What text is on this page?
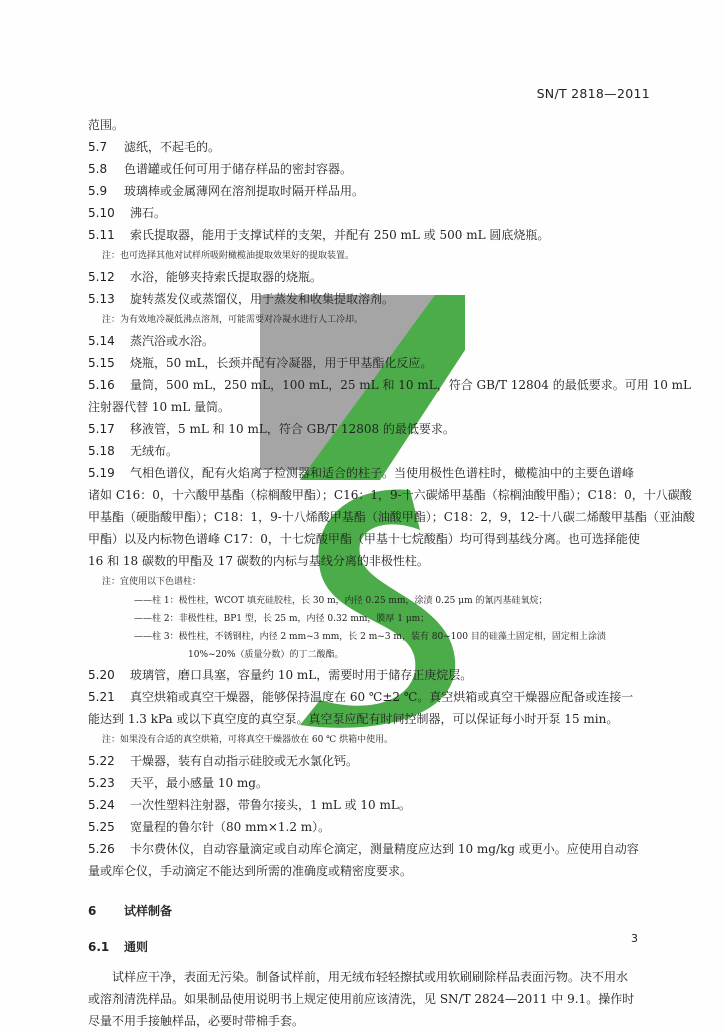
SN/T 2818—2011
范围。
5.7 滤纸，不起毛的。
5.8 色谱罐或任何可用于储存样品的密封容器。
5.9 玻璃棒或金属薄网在溶剂提取时隔开样品用。
5.10 沸石。
5.11 索氏提取器，能用于支撑试样的支架，并配有 250 mL 或 500 mL 圆底烧瓶。
注：也可选择其他对试样所吸附橄榄油提取效果好的提取装置。
5.12 水浴，能够夹持索氏提取器的烧瓶。
5.13 旋转蒸发仪或蒸馏仪，用于蒸发和收集提取溶剂。
注：为有效地冷凝低沸点溶剂，可能需要对冷凝水进行人工冷却。
5.14 蒸汽浴或水浴。
5.15 烧瓶，50 mL，长颈并配有冷凝器，用于甲基酯化反应。
5.16 量筒，500 mL，250 mL，100 mL，25 mL 和 10 mL，符合 GB/T 12804 的最低要求。可用 10 mL
注射器代替 10 mL 量筒。
5.17 移液管，5 mL 和 10 mL，符合 GB/T 12808 的最低要求。
5.18 无绒布。
5.19 气相色谱仪，配有火焰离子检测器和适合的柱子。当使用极性色谱柱时，橄榄油中的主要色谱峰
诸如 C16：0，十六酸甲基酯（棕榈酸甲酯）；C16：1，9-十六碳烯甲基酯（棕榈油酸甲酯）；C18：0，十八碳酸
甲基酯（硬脂酸甲酯）；C18：1，9-十八烯酸甲基酯（油酸甲酯）；C18：2，9，12-十八碳二烯酸甲基酯（亚油酸
甲酯）以及内标物色谱峰 C17：0，十七烷酸甲酯（甲基十七烷酸酯）均可得到基线分离。也可选择能使
16 和 18 碳数的甲酯及 17 碳数的内标与基线分离的非极性柱。
注：宜使用以下色谱柱：
——柱 1：极性柱，WCOT 填充硅胶柱，长 30 m，内径 0.25 mm，涂渍 0.25 μm 的氰丙基硅氧烷；
——柱 2：非极性柱，BP1 型，长 25 m，内径 0.32 mm，膜厚 1 μm；
——柱 3：极性柱，不锈钢柱，内径 2 mm~3 mm，长 2 m~3 m，装有 80~100 目的硅藻土固定相，固定相上涂渍
10%~20%（质量分数）的丁二酸酯。
5.20 玻璃管，磨口具塞，容量约 10 mL，需要时用于储存正庚烷层。
5.21 真空烘箱或真空干燥器，能够保持温度在 60 ℃±2 ℃。真空烘箱或真空干燥器应配备或连接一
能达到 1.3 kPa 或以下真空度的真空泵。真空泵应配有时间控制器，可以保证每小时开泵 15 min。
注：如果没有合适的真空烘箱，可将真空干燥器放在 60 ℃ 烘箱中使用。
5.22 干燥器，装有自动指示硅胶或无水氯化钙。
5.23 天平，最小感量 10 mg。
5.24 一次性塑料注射器，带鲁尔接头，1 mL 或 10 mL。
5.25 宽量程的鲁尔针（80 mm×1.2 m）。
5.26 卡尔费休仪，自动容量滴定或自动库仑滴定，测量精度应达到 10 mg/kg 或更小。应使用自动容
量或库仑仪，手动滴定不能达到所需的准确度或精密度要求。
6 试样制备
6.1 通则
试样应干净，表面无污染。制备试样前，用无绒布轻轻擦拭或用软刷刷除样品表面污物。决不用水
或溶剂清洗样品。如果制品使用说明书上规定使用前应该清洗，见 SN/T 2824—2011 中 9.1。操作时
尽量不用手接触样品，必要时带棉手套。
3
